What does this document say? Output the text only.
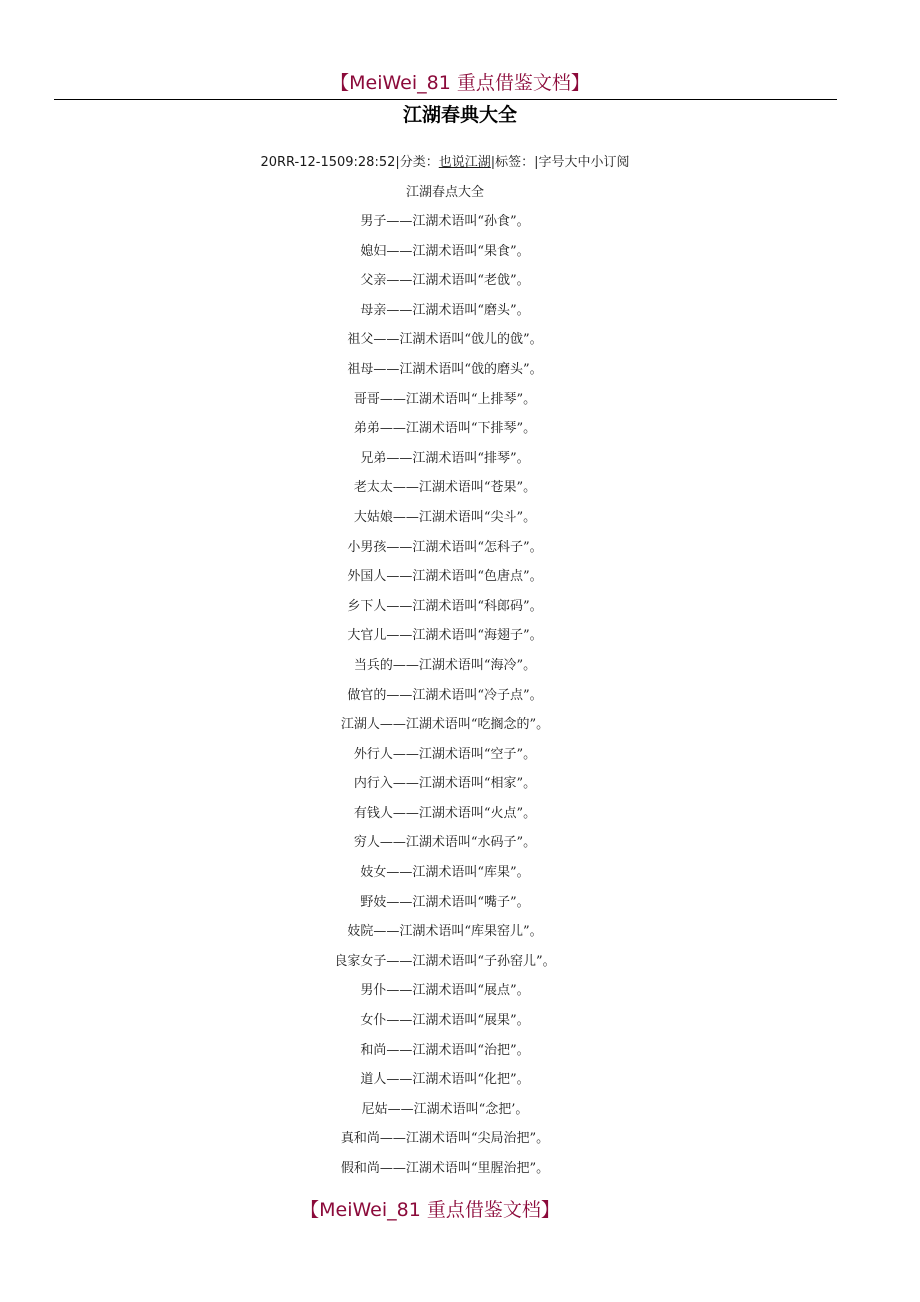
【MeiWei_81 重点借鉴文档】
江湖春典大全
20RR-12-1509:28:52|分类：也说江湖|标签：|字号大中小订阅
江湖春点大全
男子——江湖术语叫“孙食”。
媳妇——江湖术语叫“果食”。
父亲——江湖术语叫“老戗”。
母亲——江湖术语叫“磨头”。
祖父——江湖术语叫“戗儿的戗”。
祖母——江湖术语叫“戗的磨头”。
哥哥——江湖术语叫“上排琴”。
弟弟——江湖术语叫“下排琴”。
兄弟——江湖术语叫“排琴”。
老太太——江湖术语叫“苍果”。
大姑娘——江湖术语叫“尖斗”。
小男孩——江湖术语叫“怎科子”。
外国人——江湖术语叫“色唐点”。
乡下人——江湖术语叫“科郎码”。
大官儿——江湖术语叫“海翅子”。
当兵的——江湖术语叫“海冷”。
做官的——江湖术语叫“冷子点”。
江湖人——江湖术语叫“吃搁念的”。
外行人——江湖术语叫“空子”。
内行入——江湖术语叫“相家”。
有钱人——江湖术语叫“火点”。
穷人——江湖术语叫“水码子”。
妓女——江湖术语叫“库果”。
野妓——江湖术语叫“嘴子”。
妓院——江湖术语叫“库果窑儿”。
良家女子——江湖术语叫“子孙窑儿”。
男仆——江湖术语叫“展点”。
女仆——江湖术语叫“展果”。
和尚——江湖术语叫“治把”。
道人——江湖术语叫“化把”。
尼姑——江湖术语叫“念把’。
真和尚——江湖术语叫“尖局治把”。
假和尚——江湖术语叫“里腥治把”。
【MeiWei_81 重点借鉴文档】
